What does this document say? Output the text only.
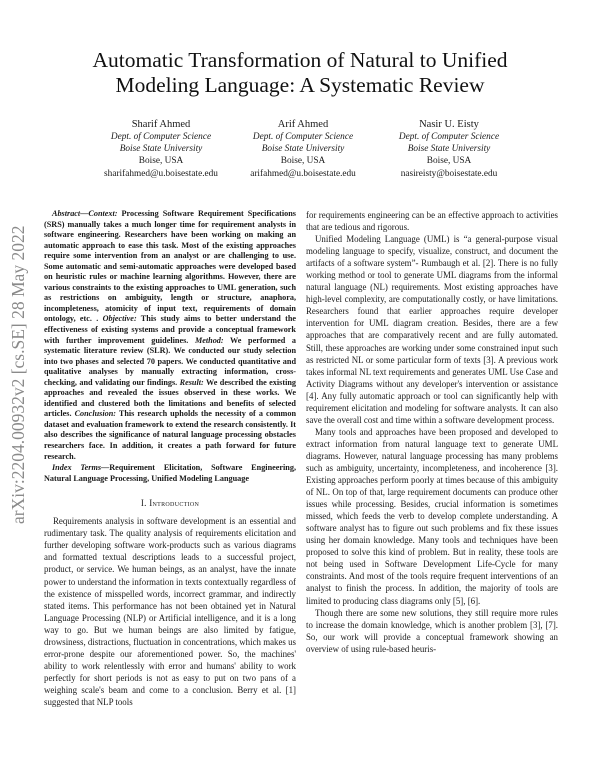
arXiv:2204.00932v2 [cs.SE] 28 May 2022
Automatic Transformation of Natural to Unified
Modeling Language: A Systematic Review
Sharif Ahmed
Dept. of Computer Science
Boise State University
Boise, USA
sharifahmed@u.boisestate.edu
Arif Ahmed
Dept. of Computer Science
Boise State University
Boise, USA
arifahmed@u.boisestate.edu
Nasir U. Eisty
Dept. of Computer Science
Boise State University
Boise, USA
nasireisty@boisestate.edu

Abstract—Context: Processing Software Requirement Specifications (SRS) manually takes a much longer time for requirement analysts in software engineering. Researchers have been working on making an automatic approach to ease this task. Most of the existing approaches require some intervention from an analyst or are challenging to use. Some automatic and semi-automatic approaches were developed based on heuristic rules or machine learning algorithms. However, there are various constraints to the existing approaches to UML generation, such as restrictions on ambiguity, length or structure, anaphora, incompleteness, atomicity of input text, requirements of domain ontology, etc. . Objective: This study aims to better understand the effectiveness of existing systems and provide a conceptual framework with further improvement guidelines. Method: We performed a systematic literature review (SLR). We conducted our study selection into two phases and selected 70 papers. We conducted quantitative and qualitative analyses by manually extracting information, cross-checking, and validating our findings. Result: We described the existing approaches and revealed the issues observed in these works. We identified and clustered both the limitations and benefits of selected articles. Conclusion: This research upholds the necessity of a common dataset and evaluation framework to extend the research consistently. It also describes the significance of natural language processing obstacles researchers face. In addition, it creates a path forward for future research.

Index Terms—Requirement Elicitation, Software Engineering, Natural Language Processing, Unified Modeling Language

I. Introduction

Requirements analysis in software development is an essential and rudimentary task. The quality analysis of requirements elicitation and further developing software work-products such as various diagrams and formatted textual descriptions leads to a successful project, product, or service. We human beings, as an analyst, have the innate power to understand the information in texts contextually regardless of the existence of misspelled words, incorrect grammar, and indirectly stated items. This performance has not been obtained yet in Natural Language Processing (NLP) or Artificial intelligence, and it is a long way to go. But we human beings are also limited by fatigue, drowsiness, distractions, fluctuation in concentrations, which makes us error-prone despite our aforementioned power. So, the machines' ability to work relentlessly with error and humans' ability to work perfectly for short periods is not as easy to put on two pans of a weighing scale's beam and come to a conclusion. Berry et al. [1] suggested that NLP tools

for requirements engineering can be an effective approach to activities that are tedious and rigorous.

Unified Modeling Language (UML) is “a general-purpose visual modeling language to specify, visualize, construct, and document the artifacts of a software system”- Rumbaugh et al. [2]. There is no fully working method or tool to generate UML diagrams from the informal natural language (NL) requirements. Most existing approaches have high-level complexity, are computationally costly, or have limitations. Researchers found that earlier approaches require developer intervention for UML diagram creation. Besides, there are a few approaches that are comparatively recent and are fully automated. Still, these approaches are working under some constrained input such as restricted NL or some particular form of texts [3]. A previous work takes informal NL text requirements and generates UML Use Case and Activity Diagrams without any developer's intervention or assistance [4]. Any fully automatic approach or tool can significantly help with requirement elicitation and modeling for software analysts. It can also save the overall cost and time within a software development process.

Many tools and approaches have been proposed and developed to extract information from natural language text to generate UML diagrams. However, natural language processing has many problems such as ambiguity, uncertainty, incompleteness, and incoherence [3]. Existing approaches perform poorly at times because of this ambiguity of NL. On top of that, large requirement documents can produce other issues while processing. Besides, crucial information is sometimes missed, which feeds the verb to develop complete understanding. A software analyst has to figure out such problems and fix these issues using her domain knowledge. Many tools and techniques have been proposed to solve this kind of problem. But in reality, these tools are not being used in Software Development Life-Cycle for many constraints. And most of the tools require frequent interventions of an analyst to finish the process. In addition, the majority of tools are limited to producing class diagrams only [5], [6].

Though there are some new solutions, they still require more rules to increase the domain knowledge, which is another problem [3], [7]. So, our work will provide a conceptual framework showing an overview of using rule-based heuris-
